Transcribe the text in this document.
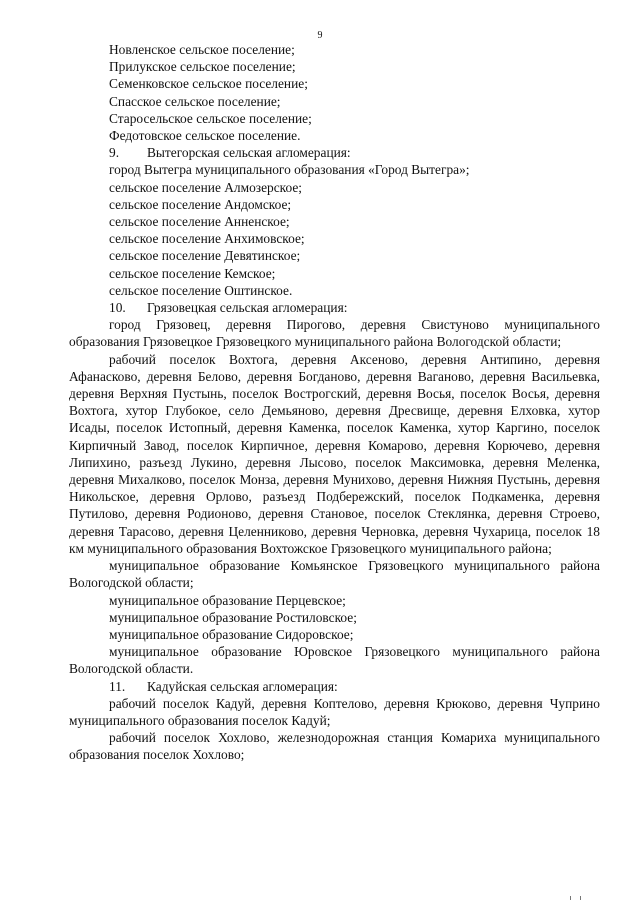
9

Новленское сельское поселение;

Прилукское сельское поселение;

Семенковское сельское поселение;

Спасское сельское поселение;

Старосельское сельское поселение;

Федотовское сельское поселение.

9. Вытегорская сельская агломерация:

город Вытегра муниципального образования «Город Вытегра»;

сельское поселение Алмозерское;

сельское поселение Андомское;

сельское поселение Анненское;

сельское поселение Анхимовское;

сельское поселение Девятинское;

сельское поселение Кемское;

сельское поселение Оштинское.

10. Грязовецкая сельская агломерация:

город Грязовец, деревня Пирогово, деревня Свистуново муниципального образования Грязовецкое Грязовецкого муниципального района Вологодской области;

рабочий поселок Вохтога, деревня Аксеново, деревня Антипино, деревня Афанасково, деревня Белово, деревня Богданово, деревня Ваганово, деревня Васильевка, деревня Верхняя Пустынь, поселок Вострогский, деревня Восья, поселок Восья, деревня Вохтога, хутор Глубокое, село Демьяново, деревня Дресвище, деревня Елховка, хутор Исады, поселок Истопный, деревня Каменка, поселок Каменка, хутор Каргино, поселок Кирпичный Завод, поселок Кирпичное, деревня Комарово, деревня Корючево, деревня Липихино, разъезд Лукино, деревня Лысово, поселок Максимовка, деревня Меленка, деревня Михалково, поселок Монза, деревня Мунихово, деревня Нижняя Пустынь, деревня Никольское, деревня Орлово, разъезд Подбережский, поселок Подкаменка, деревня Путилово, деревня Родионово, деревня Становое, поселок Стеклянка, деревня Строево, деревня Тарасово, деревня Целенниково, деревня Черновка, деревня Чухарица, поселок 18 км муниципального образования Вохтожское Грязовецкого муниципального района;

муниципальное образование Комьянское Грязовецкого муниципального района Вологодской области;

муниципальное образование Перцевское;

муниципальное образование Ростиловское;

муниципальное образование Сидоровское;

муниципальное образование Юровское Грязовецкого муниципального района Вологодской области.

11. Кадуйская сельская агломерация:

рабочий поселок Кадуй, деревня Коптелово, деревня Крюково, деревня Чуприно муниципального образования поселок Кадуй;

рабочий поселок Хохлово, железнодорожная станция Комариха муниципального образования поселок Хохлово;
